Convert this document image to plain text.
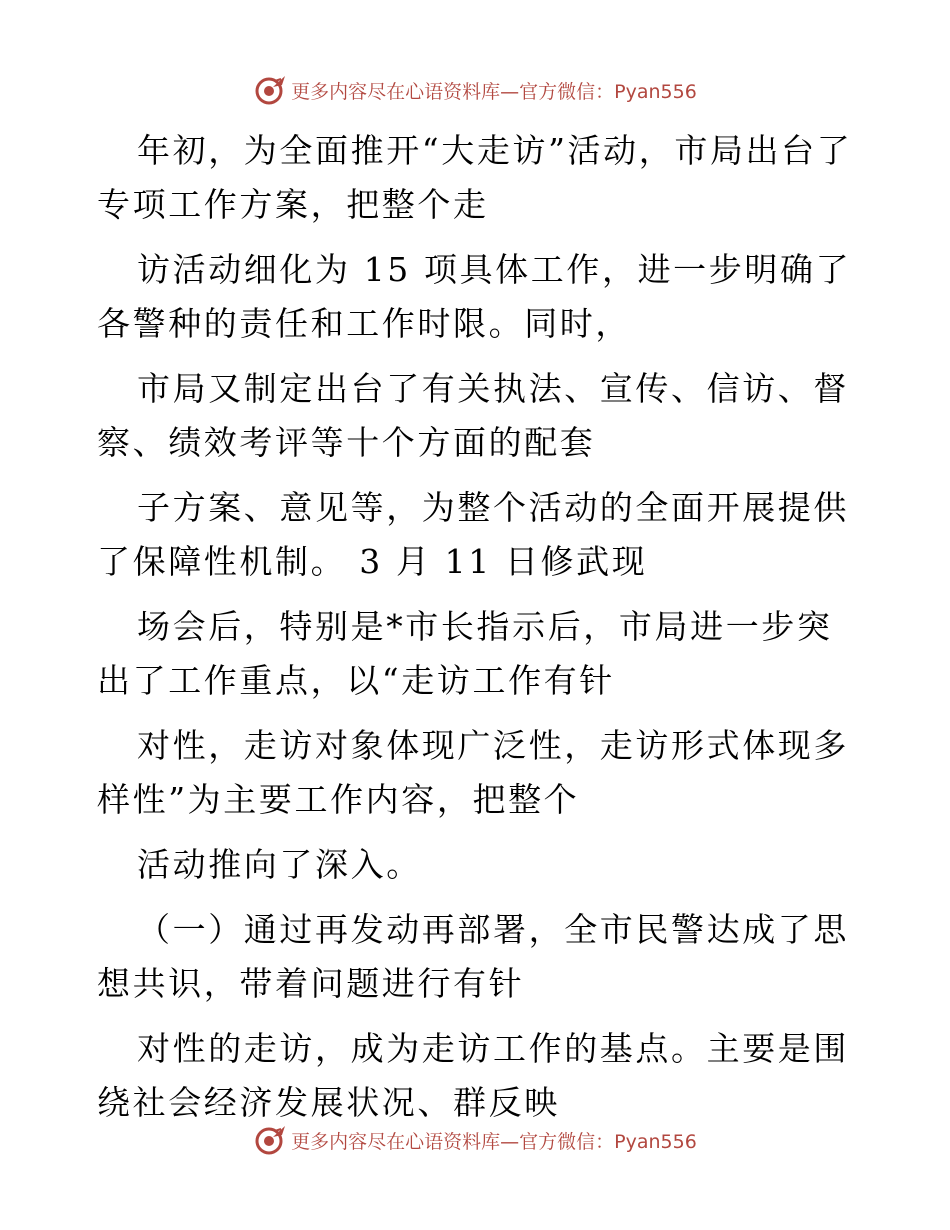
更多内容尽在心语资料库—官方微信：Pyan556

年初，为全面推开“大走访”活动，市局出台了专项工作方案，把整个走

访活动细化为 15 项具体工作，进一步明确了各警种的责任和工作时限。同时，

市局又制定出台了有关执法、宣传、信访、督察、绩效考评等十个方面的配套

子方案、意见等，为整个活动的全面开展提供了保障性机制。 3 月 11 日修武现

场会后，特别是*市长指示后，市局进一步突出了工作重点，以“走访工作有针

对性，走访对象体现广泛性，走访形式体现多样性”为主要工作内容，把整个

活动推向了深入。

（一）通过再发动再部署，全市民警达成了思想共识，带着问题进行有针

对性的走访，成为走访工作的基点。主要是围绕社会经济发展状况、群反映

更多内容尽在心语资料库—官方微信：Pyan556
